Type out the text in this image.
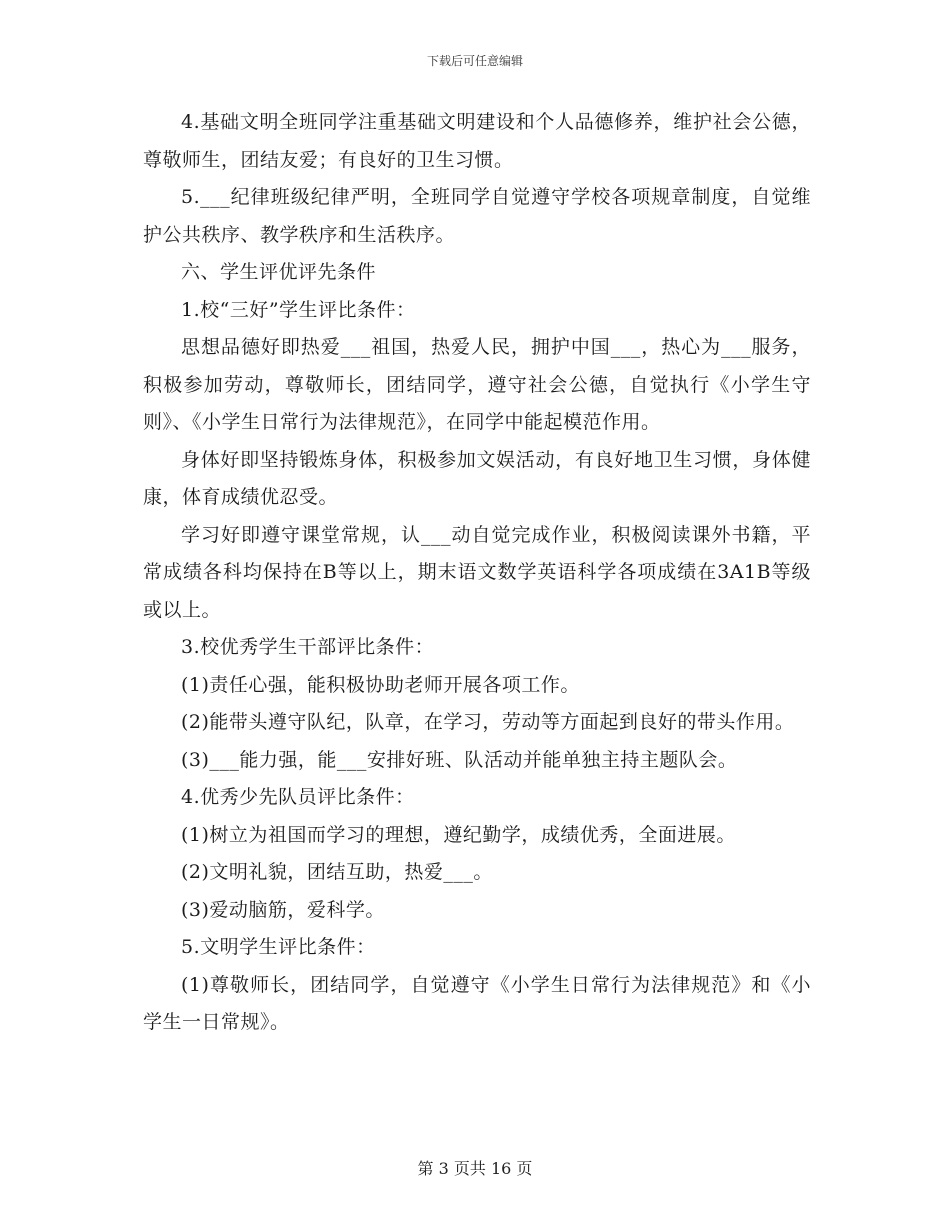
下载后可任意编辑

4.基础文明全班同学注重基础文明建设和个人品德修养，维护社会公德，尊敬师生，团结友爱；有良好的卫生习惯。

5.___纪律班级纪律严明，全班同学自觉遵守学校各项规章制度，自觉维护公共秩序、教学秩序和生活秩序。

六、学生评优评先条件

1.校“三好”学生评比条件：

思想品德好即热爱___祖国，热爱人民，拥护中国___，热心为___服务，积极参加劳动，尊敬师长，团结同学，遵守社会公德，自觉执行《小学生守则》、《小学生日常行为法律规范》，在同学中能起模范作用。

身体好即坚持锻炼身体，积极参加文娱活动，有良好地卫生习惯，身体健康，体育成绩优忍受。

学习好即遵守课堂常规，认___动自觉完成作业，积极阅读课外书籍，平常成绩各科均保持在B等以上，期末语文数学英语科学各项成绩在3A1B等级或以上。

3.校优秀学生干部评比条件：

(1)责任心强，能积极协助老师开展各项工作。

(2)能带头遵守队纪，队章，在学习，劳动等方面起到良好的带头作用。

(3)___能力强，能___安排好班、队活动并能单独主持主题队会。

4.优秀少先队员评比条件：

(1)树立为祖国而学习的理想，遵纪勤学，成绩优秀，全面进展。

(2)文明礼貌，团结互助，热爱___。

(3)爱动脑筋，爱科学。

5.文明学生评比条件：

(1)尊敬师长，团结同学，自觉遵守《小学生日常行为法律规范》和《小学生一日常规》。

第 3 页共 16 页
